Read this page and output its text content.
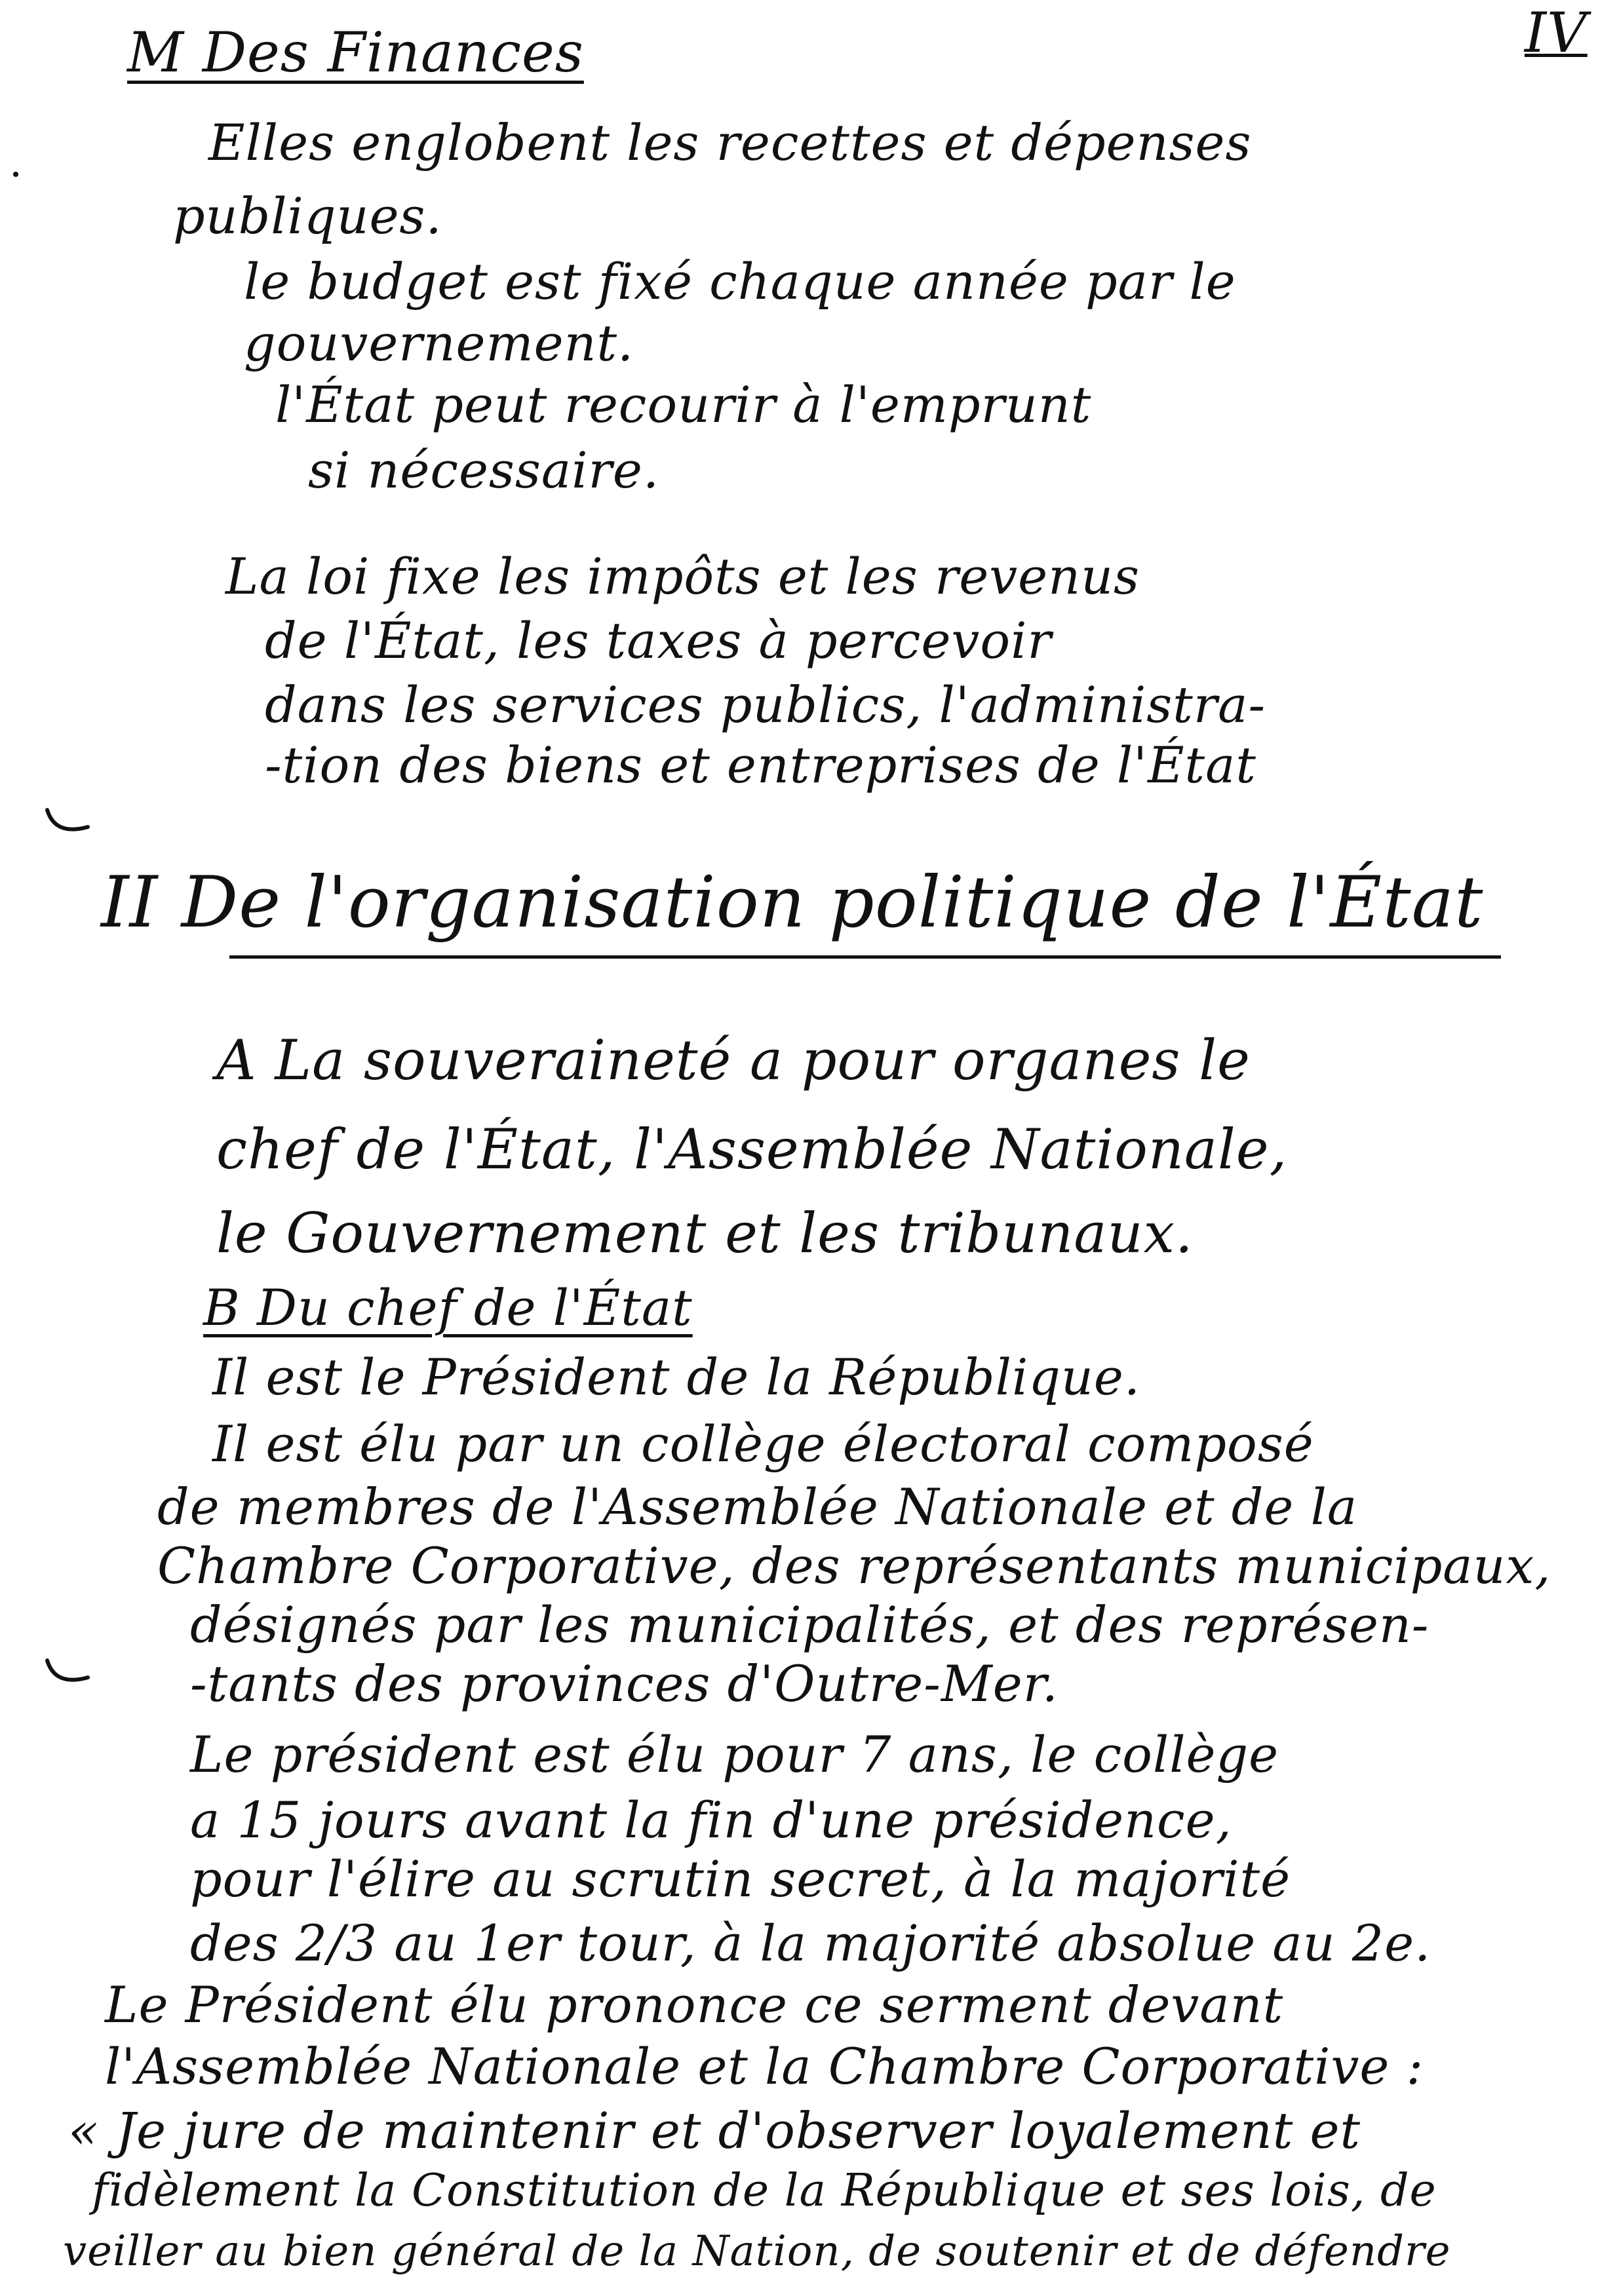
IV
M Des Finances
Elles englobent les recettes et dépenses
publiques.
le budget est fixé chaque année par le
gouvernement.
l'État peut recourir à l'emprunt
si nécessaire.
La loi fixe les impôts et les revenus
de l'État, les taxes à percevoir
dans les services publics, l'administra-
-tion des biens et entreprises de l'État
II De l'organisation politique de l'État
A La souveraineté a pour organes le
chef de l'État, l'Assemblée Nationale,
le Gouvernement et les tribunaux.
B Du chef de l'État
Il est le Président de la République.
Il est élu par un collège électoral composé
de membres de l'Assemblée Nationale et de la
Chambre Corporative, des représentants municipaux,
désignés par les municipalités, et des représen-
-tants des provinces d'Outre-Mer.
Le président est élu pour 7 ans, le collège
a 15 jours avant la fin d'une présidence,
pour l'élire au scrutin secret, à la majorité
des 2/3 au 1er tour, à la majorité absolue au 2e.
Le Président élu prononce ce serment devant
l'Assemblée Nationale et la Chambre Corporative :
« Je jure de maintenir et d'observer loyalement et
fidèlement la Constitution de la République et ses lois, de
veiller au bien général de la Nation, de soutenir et de défendre
